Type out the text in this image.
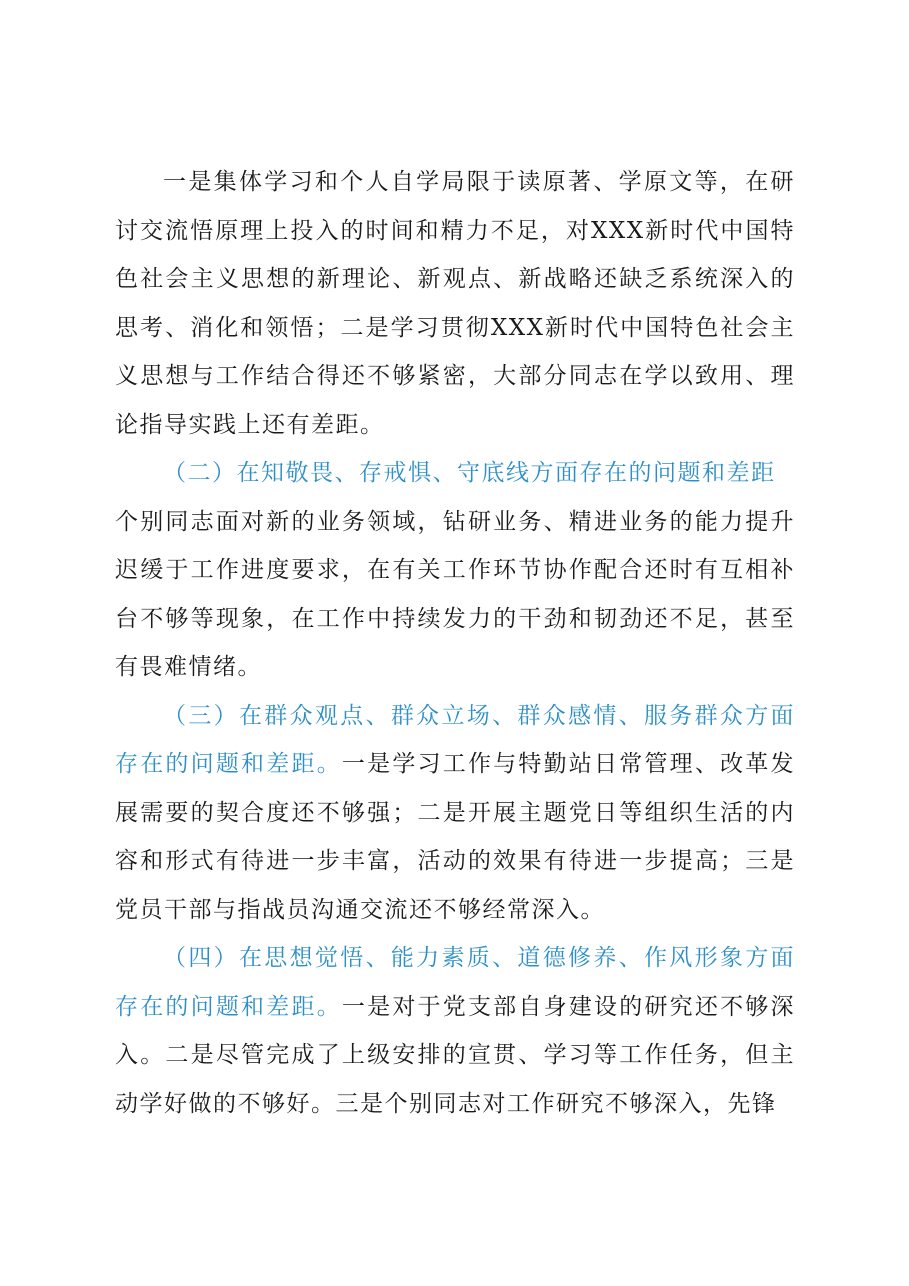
一是集体学习和个人自学局限于读原著、学原文等，在研讨交流悟原理上投入的时间和精力不足，对XXX新时代中国特色社会主义思想的新理论、新观点、新战略还缺乏系统深入的思考、消化和领悟；二是学习贯彻XXX新时代中国特色社会主义思想与工作结合得还不够紧密，大部分同志在学以致用、理论指导实践上还有差距。

（二）在知敬畏、存戒惧、守底线方面存在的问题和差距

个别同志面对新的业务领域，钻研业务、精进业务的能力提升迟缓于工作进度要求，在有关工作环节协作配合还时有互相补台不够等现象，在工作中持续发力的干劲和韧劲还不足，甚至有畏难情绪。

（三）在群众观点、群众立场、群众感情、服务群众方面存在的问题和差距。一是学习工作与特勤站日常管理、改革发展需要的契合度还不够强；二是开展主题党日等组织生活的内容和形式有待进一步丰富，活动的效果有待进一步提高；三是党员干部与指战员沟通交流还不够经常深入。

（四）在思想觉悟、能力素质、道德修养、作风形象方面存在的问题和差距。一是对于党支部自身建设的研究还不够深入。二是尽管完成了上级安排的宣贯、学习等工作任务，但主动学好做的不够好。三是个别同志对工作研究不够深入，先锋
